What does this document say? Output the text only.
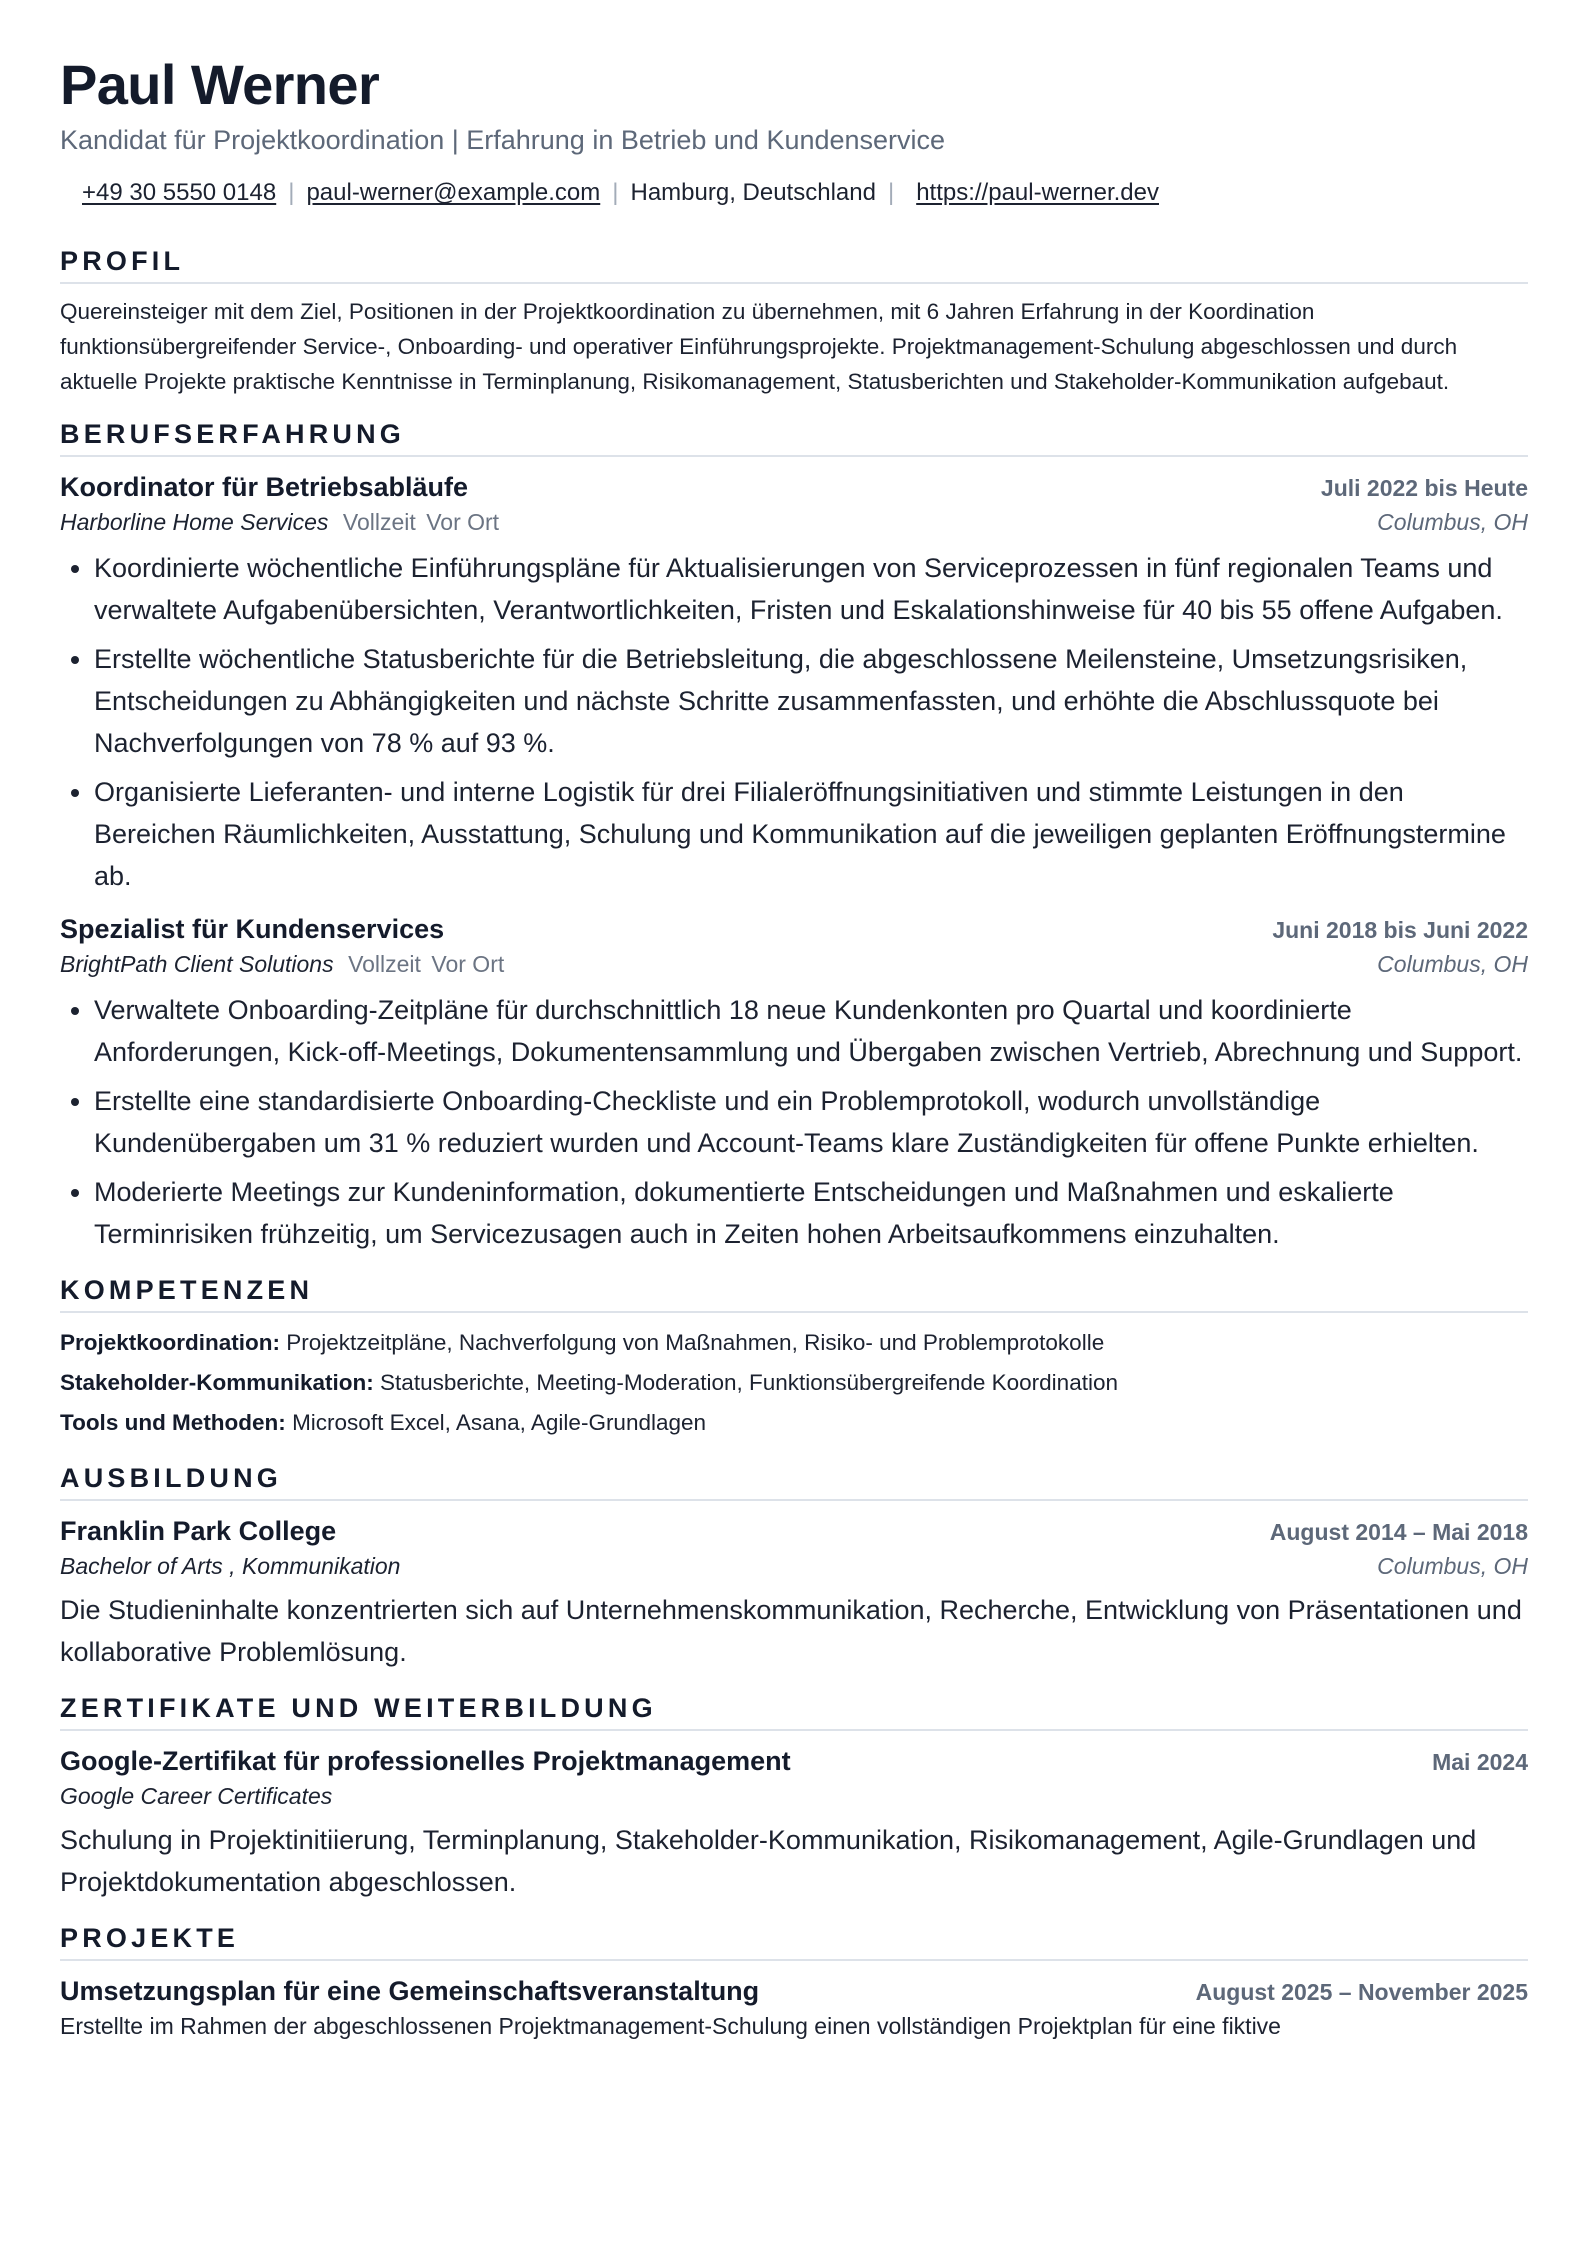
Paul Werner
Kandidat für Projektkoordination | Erfahrung in Betrieb und Kundenservice
+49 30 5550 0148 | paul-werner@example.com | Hamburg, Deutschland | https://paul-werner.dev
PROFIL
Quereinsteiger mit dem Ziel, Positionen in der Projektkoordination zu übernehmen, mit 6 Jahren Erfahrung in der Koordination funktionsübergreifender Service-, Onboarding- und operativer Einführungsprojekte. Projektmanagement-Schulung abgeschlossen und durch aktuelle Projekte praktische Kenntnisse in Terminplanung, Risikomanagement, Statusberichten und Stakeholder-Kommunikation aufgebaut.
BERUFSERFAHRUNG
Koordinator für Betriebsabläufe	Juli 2022 bis Heute
Harborline Home Services Vollzeit Vor Ort	Columbus, OH
• Koordinierte wöchentliche Einführungspläne für Aktualisierungen von Serviceprozessen in fünf regionalen Teams und verwaltete Aufgabenübersichten, Verantwortlichkeiten, Fristen und Eskalationshinweise für 40 bis 55 offene Aufgaben.
• Erstellte wöchentliche Statusberichte für die Betriebsleitung, die abgeschlossene Meilensteine, Umsetzungsrisiken, Entscheidungen zu Abhängigkeiten und nächste Schritte zusammenfassten, und erhöhte die Abschlussquote bei Nachverfolgungen von 78 % auf 93 %.
• Organisierte Lieferanten- und interne Logistik für drei Filialeröffnungsinitiativen und stimmte Leistungen in den Bereichen Räumlichkeiten, Ausstattung, Schulung und Kommunikation auf die jeweiligen geplanten Eröffnungstermine ab.
Spezialist für Kundenservices	Juni 2018 bis Juni 2022
BrightPath Client Solutions Vollzeit Vor Ort	Columbus, OH
• Verwaltete Onboarding-Zeitpläne für durchschnittlich 18 neue Kundenkonten pro Quartal und koordinierte Anforderungen, Kick-off-Meetings, Dokumentensammlung und Übergaben zwischen Vertrieb, Abrechnung und Support.
• Erstellte eine standardisierte Onboarding-Checkliste und ein Problemprotokoll, wodurch unvollständige Kundenübergaben um 31 % reduziert wurden und Account-Teams klare Zuständigkeiten für offene Punkte erhielten.
• Moderierte Meetings zur Kundeninformation, dokumentierte Entscheidungen und Maßnahmen und eskalierte Terminrisiken frühzeitig, um Servicezusagen auch in Zeiten hohen Arbeitsaufkommens einzuhalten.
KOMPETENZEN
Projektkoordination: Projektzeitpläne, Nachverfolgung von Maßnahmen, Risiko- und Problemprotokolle
Stakeholder-Kommunikation: Statusberichte, Meeting-Moderation, Funktionsübergreifende Koordination
Tools und Methoden: Microsoft Excel, Asana, Agile-Grundlagen
AUSBILDUNG
Franklin Park College	August 2014 – Mai 2018
Bachelor of Arts , Kommunikation	Columbus, OH
Die Studieninhalte konzentrierten sich auf Unternehmenskommunikation, Recherche, Entwicklung von Präsentationen und kollaborative Problemlösung.
ZERTIFIKATE UND WEITERBILDUNG
Google-Zertifikat für professionelles Projektmanagement	Mai 2024
Google Career Certificates
Schulung in Projektinitiierung, Terminplanung, Stakeholder-Kommunikation, Risikomanagement, Agile-Grundlagen und Projektdokumentation abgeschlossen.
PROJEKTE
Umsetzungsplan für eine Gemeinschaftsveranstaltung	August 2025 – November 2025
Erstellte im Rahmen der abgeschlossenen Projektmanagement-Schulung einen vollständigen Projektplan für eine fiktive
